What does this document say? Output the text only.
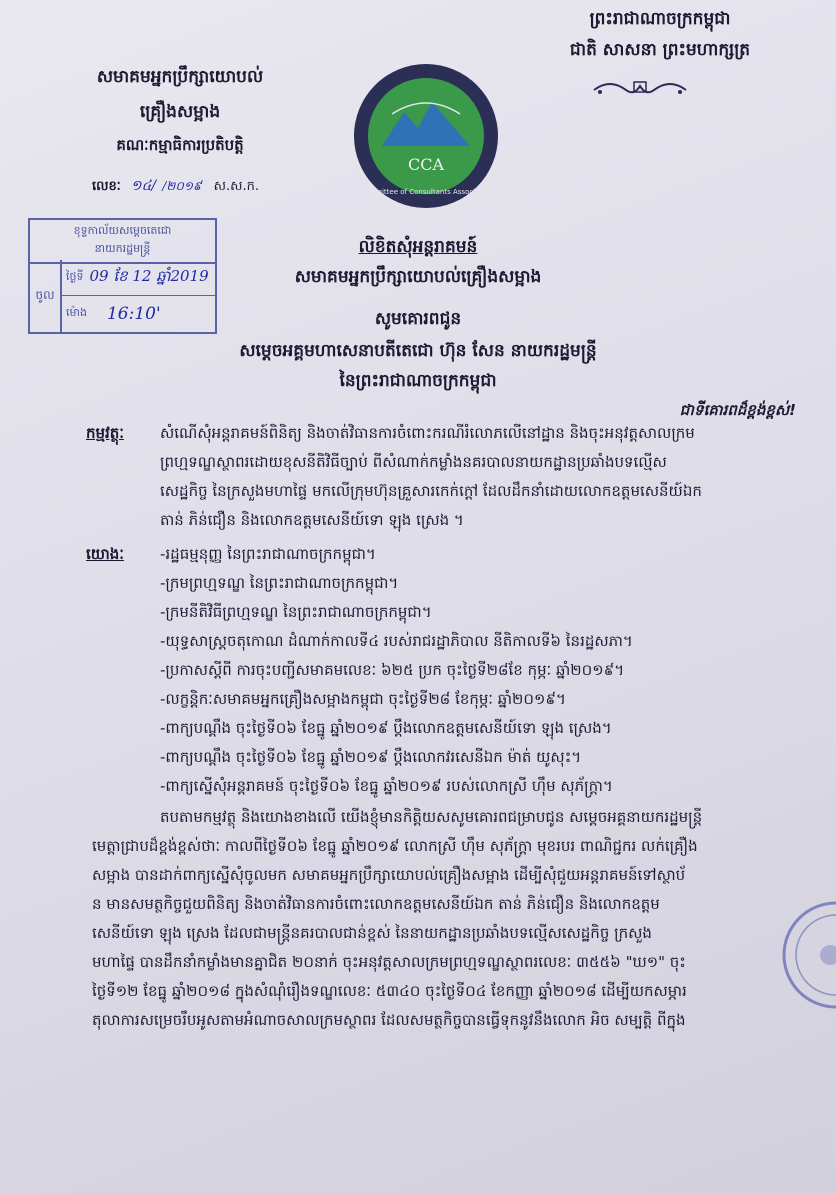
ព្រះរាជាណាចក្រកម្ពុជា
ជាតិ សាសនា ព្រះមហាក្សត្រ
សមាគមអ្នកប្រឹក្សាយោបល់
គ្រឿងសម្អាង
គណៈកម្មាធិការប្រតិបត្តិ
លេខៈ ១៤/ /២០១៩ ស.ស.ក.
CCA
Committee of Consultants Association
ខុទ្ទកាល័យសម្តេចតេជោ
នាយករដ្ឋមន្ត្រី
ចូល
ថ្ងៃទី 09 ខែ 12 ឆ្នាំ2019
ម៉ោង 16:10'
លិខិតសុំអន្តរាគមន៍
សមាគមអ្នកប្រឹក្សាយោបល់គ្រឿងសម្អាង
សូមគោរពជូន
សម្តេចអគ្គមហាសេនាបតីតេជោ ហ៊ុន សែន នាយករដ្ឋមន្ត្រី
នៃព្រះរាជាណាចក្រកម្ពុជា
ជាទីគោរពដ៏ខ្ពង់ខ្ពស់!
កម្មវត្ថុៈ សំណើសុំអន្តរាគមន៍ពិនិត្យ និងចាត់វិធានការចំពោះករណីរំលោភលើនៅដ្ឋាន និងចុះអនុវត្តសាលក្រម
ព្រហ្មទណ្ឌស្ថាពរដោយខុសនីតិវិធីច្បាប់ ពីសំណាក់កម្លាំងនគរបាលនាយកដ្ឋានប្រឆាំងបទល្មើស
សេដ្ឋកិច្ច នៃក្រសួងមហាផ្ទៃ មកលើក្រុមហ៊ុនគ្រួសារកេក់ក្តៅ ដែលដឹកនាំដោយលោកឧត្តមសេនីយ៍ឯក
តាន់ ភិន់ជឿន និងលោកឧត្តមសេនីយ៍ទោ ឡុង ស្រេង ។
យោងៈ -រដ្ឋធម្មនុញ្ញ នៃព្រះរាជាណាចក្រកម្ពុជា។
-ក្រមព្រហ្មទណ្ឌ នៃព្រះរាជាណាចក្រកម្ពុជា។
-ក្រមនីតិវិធីព្រហ្មទណ្ឌ នៃព្រះរាជាណាចក្រកម្ពុជា។
-យុទ្ធសាស្ត្រចតុកោណ ដំណាក់កាលទី៤ របស់រាជរដ្ឋាភិបាល នីតិកាលទី៦ នៃរដ្ឋសភា។
-ប្រកាសស្តីពី ការចុះបញ្ជីសមាគមលេខៈ ៦២៥ ប្រក ចុះថ្ងៃទី២៨ខែ កុម្ភៈ ឆ្នាំ២០១៩។
-លក្ខន្តិកៈសមាគមអ្នកគ្រឿងសម្អាងកម្ពុជា ចុះថ្ងៃទី២៨ ខែកុម្ភៈ ឆ្នាំ២០១៩។
-ពាក្យបណ្តឹង ចុះថ្ងៃទី០៦ ខែធ្នូ ឆ្នាំ២០១៩ ប្តឹងលោកឧត្តមសេនីយ៍ទោ ឡុង ស្រេង។
-ពាក្យបណ្តឹង ចុះថ្ងៃទី០៦ ខែធ្នូ ឆ្នាំ២០១៩ ប្តឹងលោកវរសេនីឯក ម៉ាត់ យូសុះ។
-ពាក្យស្នើសុំអន្តរាគមន៍ ចុះថ្ងៃទី០៦ ខែធ្នូ ឆ្នាំ២០១៩ របស់លោកស្រី ហ៊ឹម សុភ័ក្ត្រា។
តបតាមកម្មវត្ថុ និងយោងខាងលើ យើងខ្ញុំមានកិត្តិយសសូមគោរពជម្រាបជូន សម្តេចអគ្គនាយករដ្ឋមន្ត្រី
មេត្តាជ្រាបដ៏ខ្ពង់ខ្ពស់ថាៈ កាលពីថ្ងៃទី០៦ ខែធ្នូ ឆ្នាំ២០១៩ លោកស្រី ហ៊ឹម សុភ័ក្ត្រា មុខរបរ ពាណិជ្ជករ លក់គ្រឿង
សម្អាង បានដាក់ពាក្យស្នើសុំចូលមក សមាគមអ្នកប្រឹក្សាយោបល់គ្រឿងសម្អាង ដើម្បីសុំជួយអន្តរាគមន៍ទៅស្ថាប័
ន មានសមត្ថកិច្ចជួយពិនិត្យ និងចាត់វិធានការចំពោះលោកឧត្តមសេនីយ៍ឯក តាន់ ភិន់ជឿន និងលោកឧត្តម
សេនីយ៍ទោ ឡុង ស្រេង ដែលជាមន្ត្រីនគរបាលជាន់ខ្ពស់ នៃនាយកដ្ឋានប្រឆាំងបទល្មើសសេដ្ឋកិច្ច ក្រសួង
មហាផ្ទៃ បានដឹកនាំកម្លាំងមានគ្នាជិត ២០នាក់ ចុះអនុវត្តសាលក្រមព្រហ្មទណ្ឌស្ថាពរលេខៈ ៣៥៥៦ "ឃ១" ចុះ
ថ្ងៃទី១២ ខែធ្នូ ឆ្នាំ២០១៨ ក្នុងសំណុំរឿងទណ្ឌលេខៈ ៥៣៤០ ចុះថ្ងៃទី០៤ ខែកញ្ញា ឆ្នាំ២០១៨ ដើម្បីយកសម្ភារ
តុលាការសម្រេចរឹបអូសតាមអំណាចសាលក្រមស្ថាពរ ដែលសមត្ថកិច្ចបានធ្វើទុកនូវនឹងលោក អិច សម្បត្តិ ពីក្នុង
